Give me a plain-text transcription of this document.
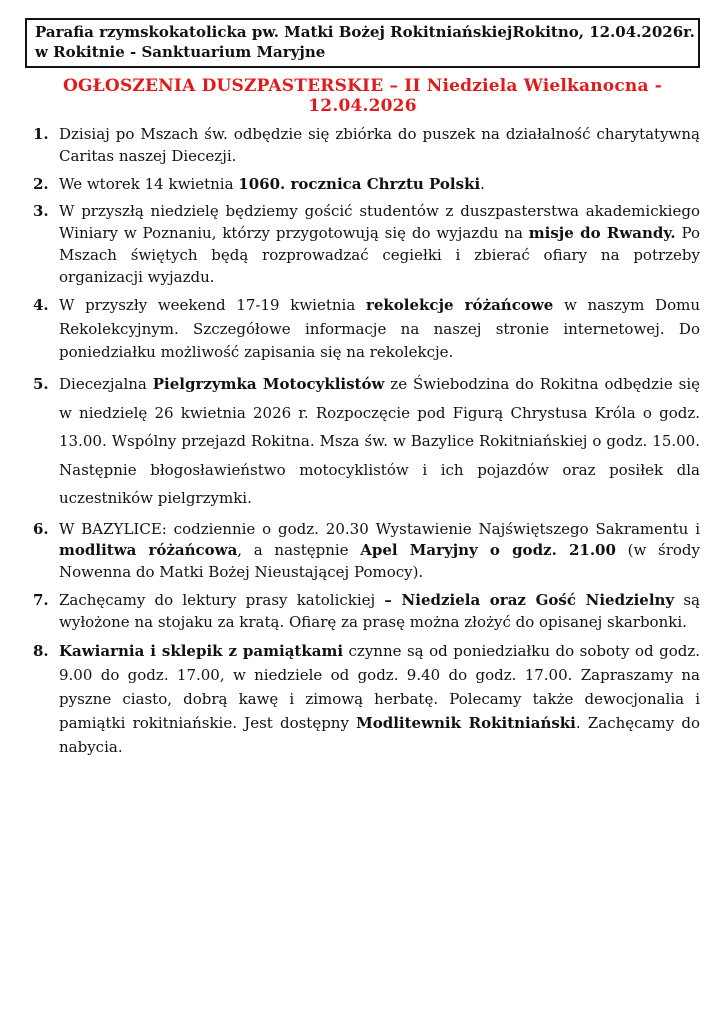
Parafia rzymskokatolicka pw. Matki Bożej Rokitniańskiej
w Rokitnie - Sanktuarium Maryjne
Rokitno, 12.04.2026r.
OGŁOSZENIA DUSZPASTERSKIE – II Niedziela Wielkanocna - 12.04.2026
1. Dzisiaj po Mszach św. odbędzie się zbiórka do puszek na działalność charytatywną Caritas naszej Diecezji.
2. We wtorek 14 kwietnia 1060. rocznica Chrztu Polski.
3. W przyszłą niedzielę będziemy gościć studentów z duszpasterstwa akademickiego Winiary w Poznaniu, którzy przygotowują się do wyjazdu na misje do Rwandy. Po Mszach świętych będą rozprowadzać cegiełki i zbierać ofiary na potrzeby organizacji wyjazdu.
4. W przyszły weekend 17-19 kwietnia rekolekcje różańcowe w naszym Domu Rekolekcyjnym. Szczegółowe informacje na naszej stronie internetowej. Do poniedziałku możliwość zapisania się na rekolekcje.
5. Diecezjalna Pielgrzymka Motocyklistów ze Świebodzina do Rokitna odbędzie się w niedzielę 26 kwietnia 2026 r. Rozpoczęcie pod Figurą Chrystusa Króla o godz. 13.00. Wspólny przejazd Rokitna. Msza św. w Bazylice Rokitniańskiej o godz. 15.00. Następnie błogosławieństwo motocyklistów i ich pojazdów oraz posiłek dla uczestników pielgrzymki.
6. W BAZYLICE: codziennie o godz. 20.30 Wystawienie Najświętszego Sakramentu i modlitwa różańcowa, a następnie Apel Maryjny o godz. 21.00 (w środy Nowenna do Matki Bożej Nieustającej Pomocy).
7. Zachęcamy do lektury prasy katolickiej – Niedziela oraz Gość Niedzielny są wyłożone na stojaku za kratą. Ofiarę za prasę można złożyć do opisanej skarbonki.
8. Kawiarnia i sklepik z pamiątkami czynne są od poniedziałku do soboty od godz. 9.00 do godz. 17.00, w niedziele od godz. 9.40 do godz. 17.00. Zapraszamy na pyszne ciasto, dobrą kawę i zimową herbatę. Polecamy także dewocjonalia i pamiątki rokitniańskie. Jest dostępny Modlitewnik Rokitniański. Zachęcamy do nabycia.
